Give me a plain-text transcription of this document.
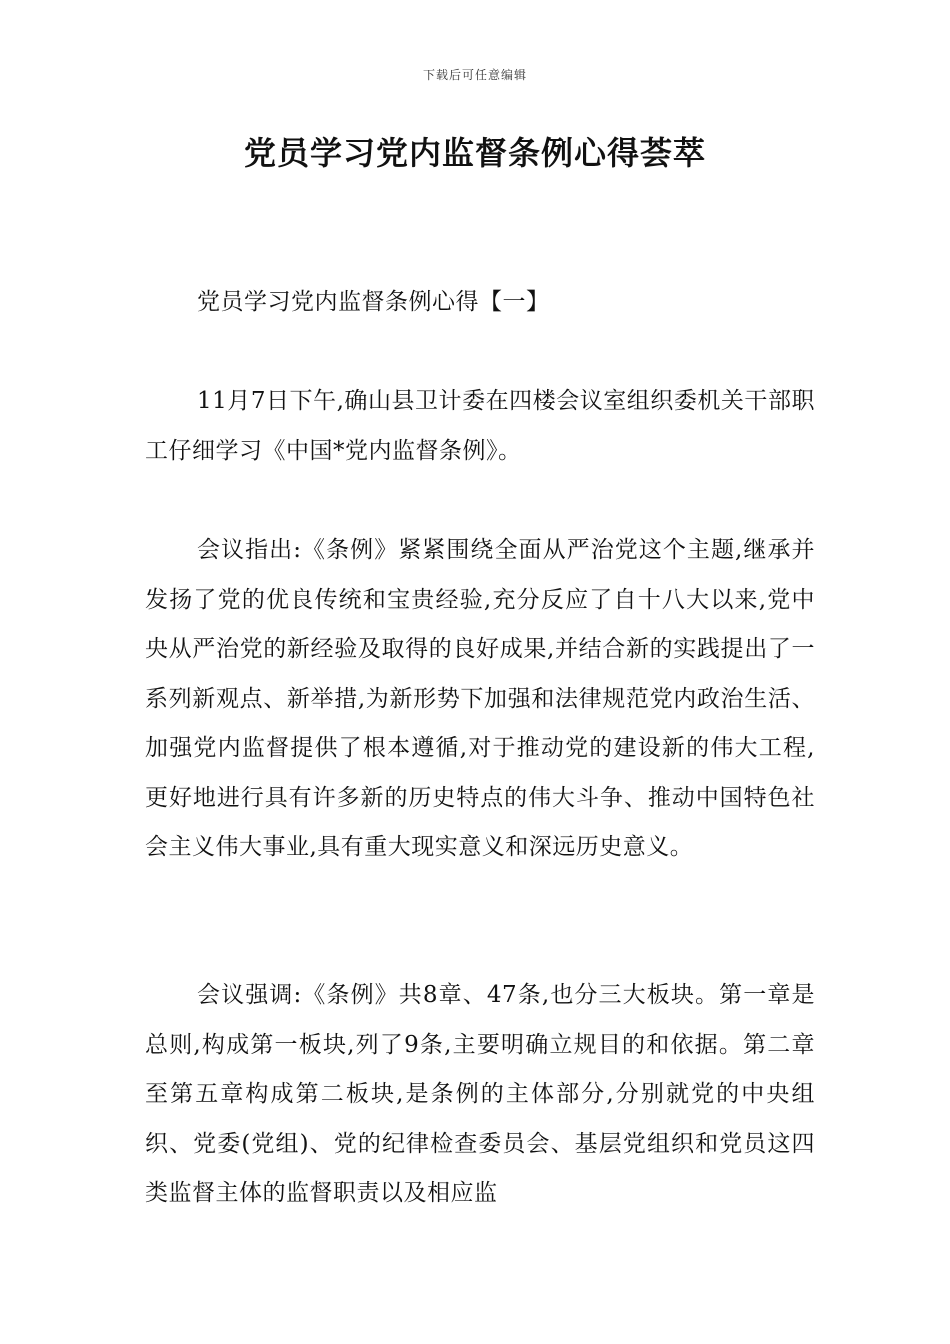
下载后可任意编辑
党员学习党内监督条例心得荟萃

党员学习党内监督条例心得【一】

11月7日下午,确山县卫计委在四楼会议室组织委机关干部职工仔细学习《中国*党内监督条例》。

会议指出:《条例》紧紧围绕全面从严治党这个主题,继承并发扬了党的优良传统和宝贵经验,充分反应了自十八大以来,党中央从严治党的新经验及取得的良好成果,并结合新的实践提出了一系列新观点、新举措,为新形势下加强和法律规范党内政治生活、加强党内监督提供了根本遵循,对于推动党的建设新的伟大工程,更好地进行具有许多新的历史特点的伟大斗争、推动中国特色社会主义伟大事业,具有重大现实意义和深远历史意义。

会议强调:《条例》共8章、47条,也分三大板块。第一章是总则,构成第一板块,列了9条,主要明确立规目的和依据。第二章至第五章构成第二板块,是条例的主体部分,分别就党的中央组织、党委(党组)、党的纪律检查委员会、基层党组织和党员这四类监督主体的监督职责以及相应监
